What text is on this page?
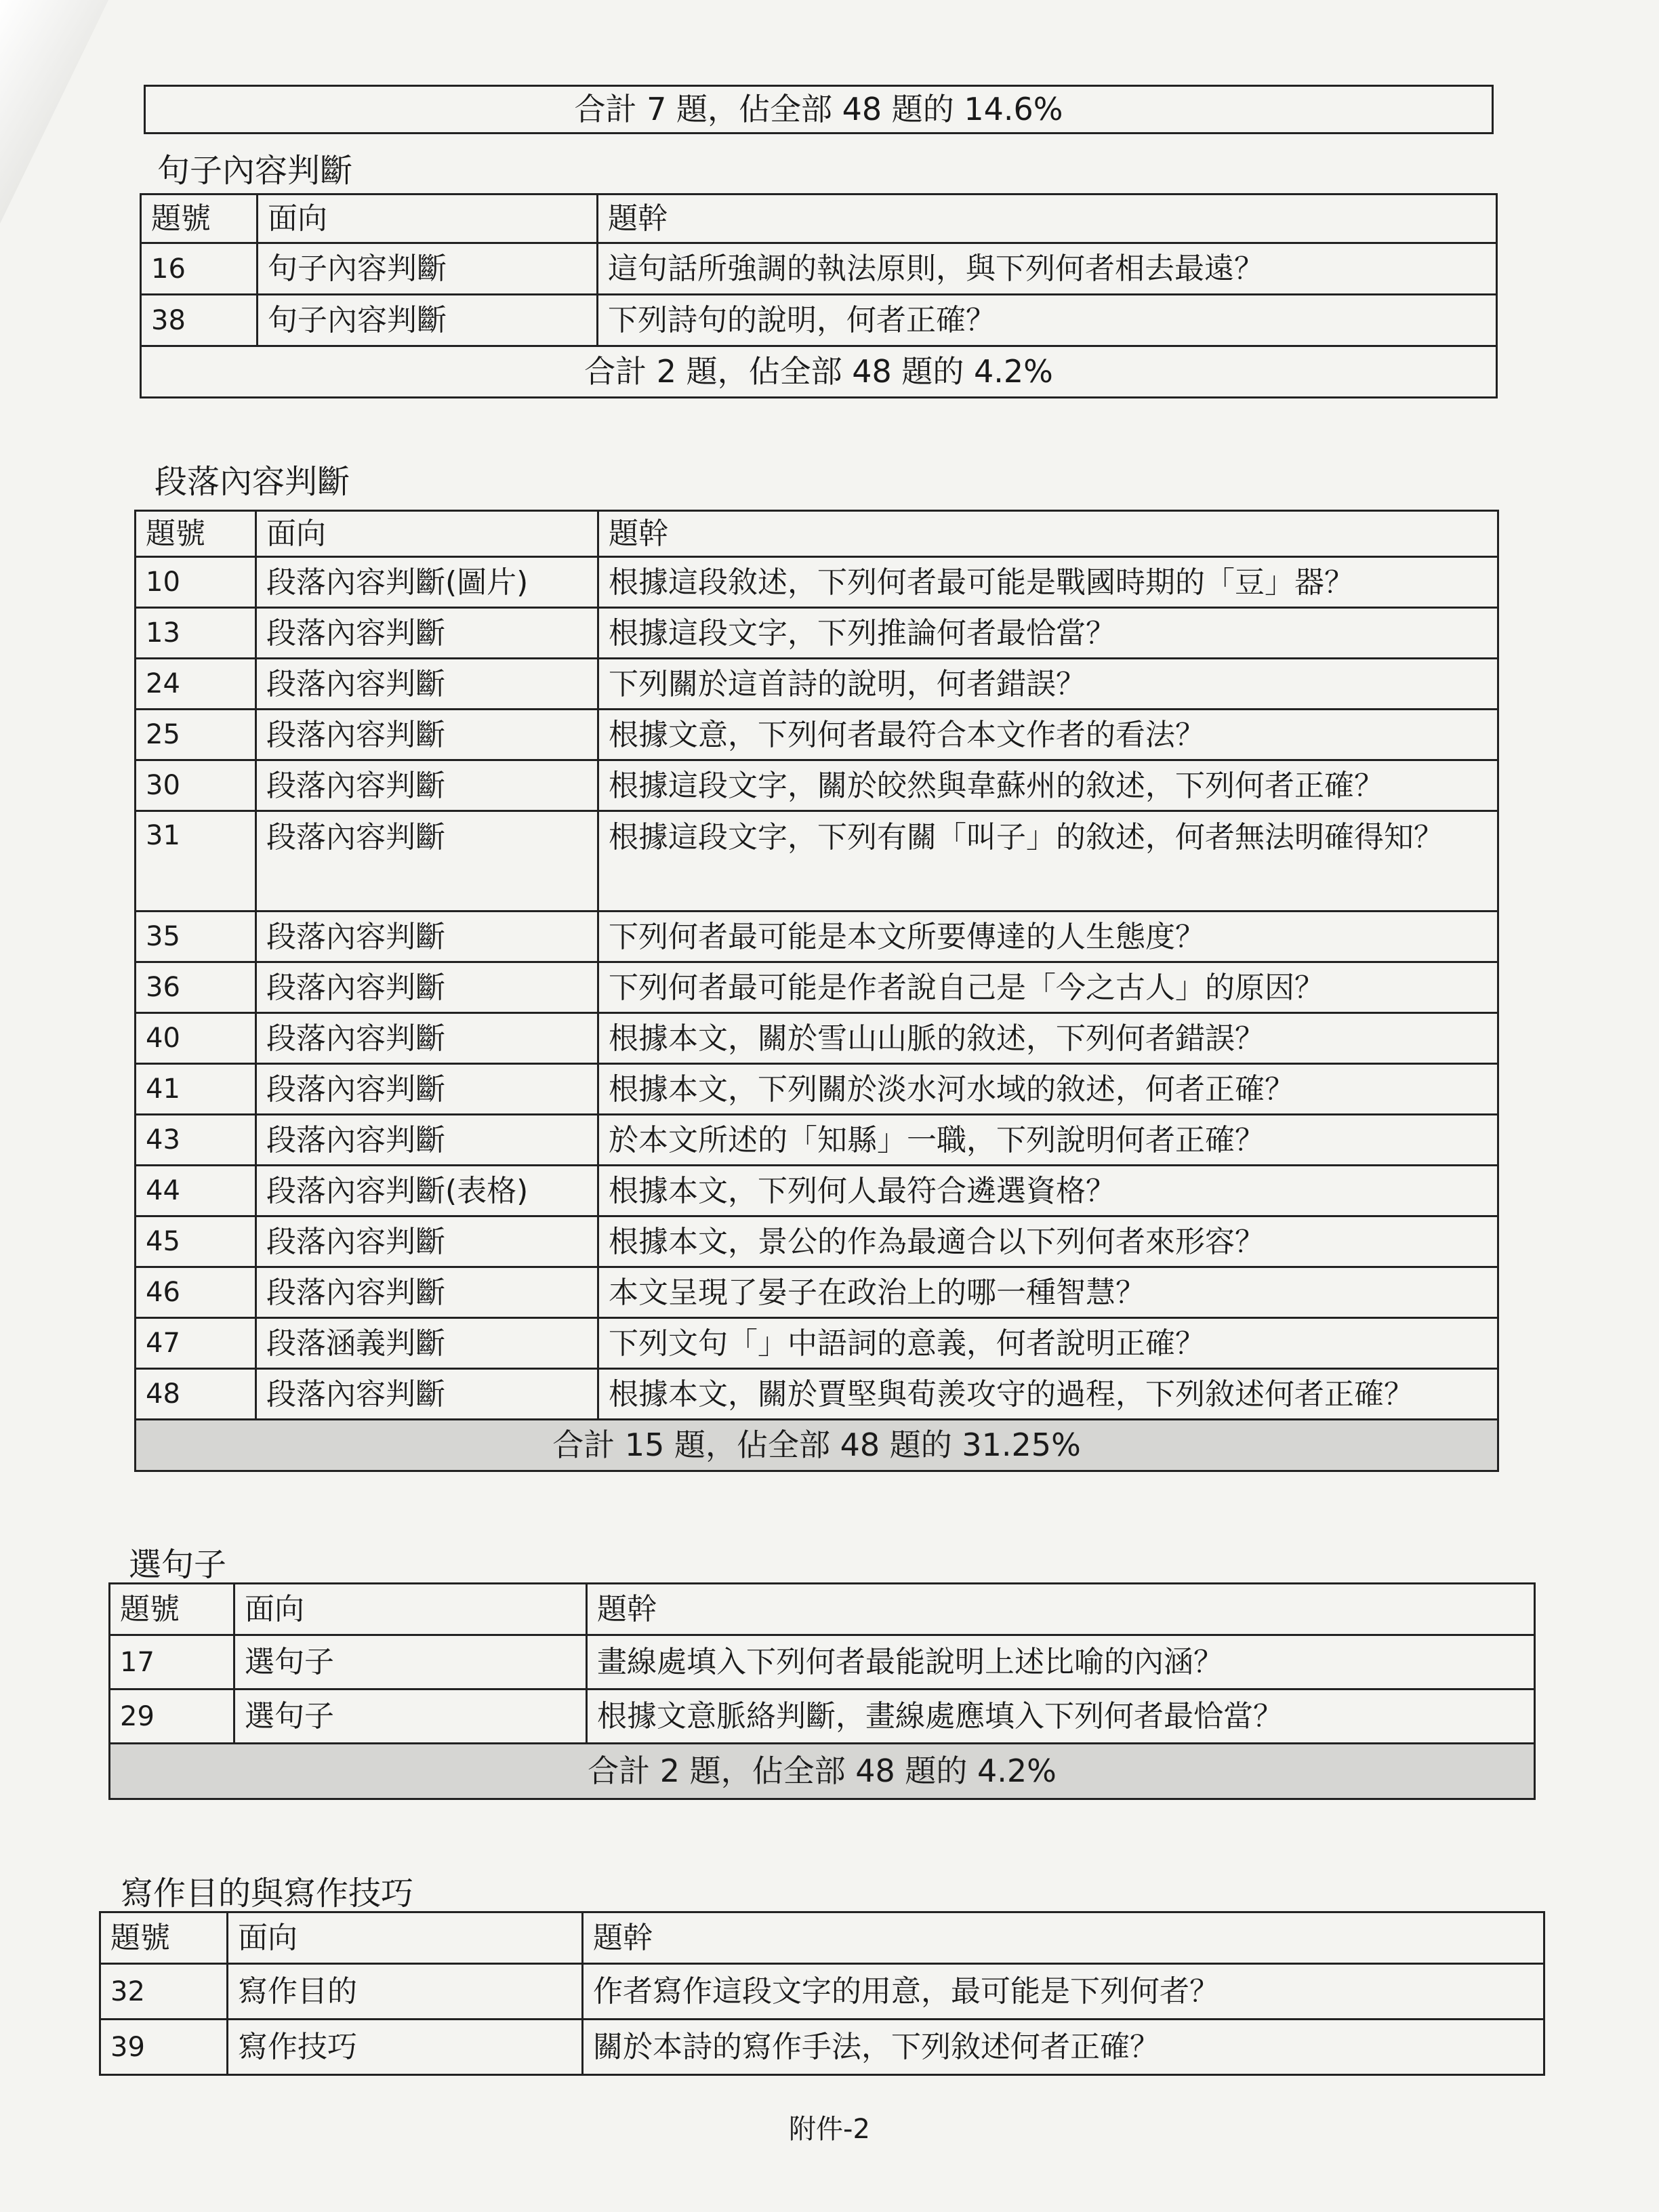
合計 7 題，佔全部 48 題的 14.6%
句子內容判斷
題號	面向	題幹
16	句子內容判斷	這句話所強調的執法原則，與下列何者相去最遠？
38	句子內容判斷	下列詩句的說明，何者正確？
合計 2 題，佔全部 48 題的 4.2%		
段落內容判斷
題號	面向	題幹
10	段落內容判斷(圖片)	根據這段敘述，下列何者最可能是戰國時期的「豆」器？
13	段落內容判斷	根據這段文字，下列推論何者最恰當？
24	段落內容判斷	下列關於這首詩的說明，何者錯誤？
25	段落內容判斷	根據文意，下列何者最符合本文作者的看法？
30	段落內容判斷	根據這段文字，關於皎然與韋蘇州的敘述，下列何者正確？
31	段落內容判斷	根據這段文字，下列有關「叫子」的敘述，何者無法明確得知？
35	段落內容判斷	下列何者最可能是本文所要傳達的人生態度？
36	段落內容判斷	下列何者最可能是作者說自己是「今之古人」的原因？
40	段落內容判斷	根據本文，關於雪山山脈的敘述，下列何者錯誤？
41	段落內容判斷	根據本文，下列關於淡水河水域的敘述，何者正確？
43	段落內容判斷	於本文所述的「知縣」一職，下列說明何者正確？
44	段落內容判斷(表格)	根據本文，下列何人最符合遴選資格？
45	段落內容判斷	根據本文，景公的作為最適合以下列何者來形容？
46	段落內容判斷	本文呈現了晏子在政治上的哪一種智慧？
47	段落涵義判斷	下列文句「」中語詞的意義，何者說明正確？
48	段落內容判斷	根據本文，關於賈堅與荀羨攻守的過程，下列敘述何者正確？
合計 15 題，佔全部 48 題的 31.25%		
選句子
題號	面向	題幹
17	選句子	畫線處填入下列何者最能說明上述比喻的內涵？
29	選句子	根據文意脈絡判斷，畫線處應填入下列何者最恰當？
合計 2 題，佔全部 48 題的 4.2%		
寫作目的與寫作技巧
題號	面向	題幹
32	寫作目的	作者寫作這段文字的用意，最可能是下列何者？
39	寫作技巧	關於本詩的寫作手法，下列敘述何者正確？
附件-2
